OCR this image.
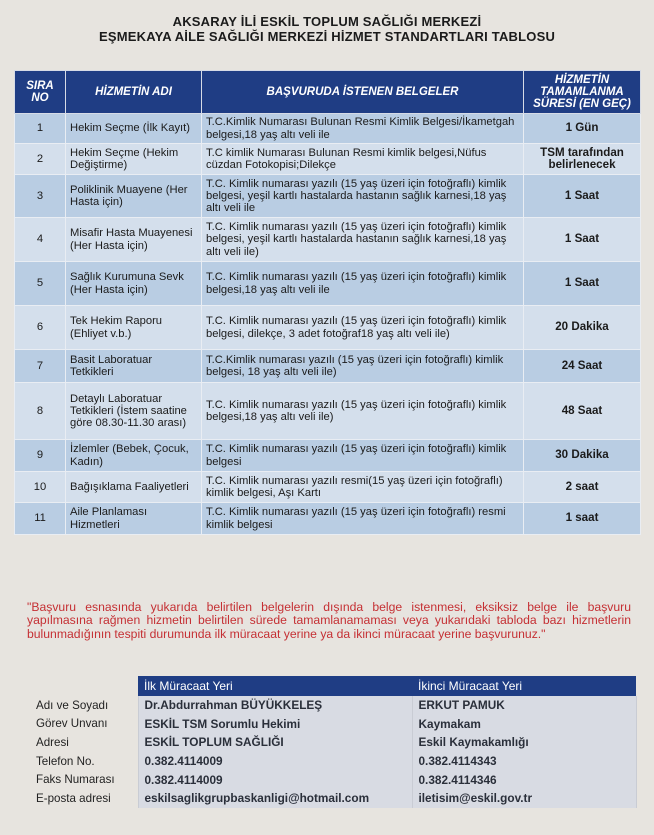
AKSARAY İLİ ESKİL TOPLUM SAĞLIĞI MERKEZİ
EŞMEKAYA AİLE SAĞLIĞI MERKEZİ HİZMET STANDARTLARI TABLOSU
SIRA NO	HİZMETİN ADI	BAŞVURUDA İSTENEN BELGELER	HİZMETİN TAMAMLANMA SÜRESİ (EN GEÇ)
1	Hekim Seçme (İlk Kayıt)	T.C.Kimlik Numarası Bulunan Resmi Kimlik Belgesi/İkametgah belgesi,18 yaş altı veli ile	1 Gün
2	Hekim Seçme (Hekim Değiştirme)	T.C kimlik Numarası Bulunan Resmi kimlik belgesi,Nüfus cüzdan Fotokopisi;Dilekçe	TSM tarafından belirlenecek
3	Poliklinik Muayene (Her Hasta için)	T.C. Kimlik numarası yazılı (15 yaş üzeri için fotoğraflı) kimlik belgesi, yeşil kartlı hastalarda hastanın sağlık karnesi,18 yaş altı veli ile	1 Saat
4	Misafir Hasta Muayenesi (Her Hasta için)	T.C. Kimlik numarası yazılı (15 yaş üzeri için fotoğraflı) kimlik belgesi, yeşil kartlı hastalarda hastanın sağlık karnesi,18 yaş altı veli ile)	1 Saat
5	Sağlık Kurumuna Sevk (Her Hasta için)	T.C. Kimlik numarası yazılı (15 yaş üzeri için fotoğraflı) kimlik belgesi,18 yaş altı veli ile	1 Saat
6	Tek Hekim Raporu (Ehliyet v.b.)	T.C. Kimlik numarası yazılı (15 yaş üzeri için fotoğraflı) kimlik belgesi, dilekçe, 3 adet fotoğraf18 yaş altı veli ile)	20 Dakika
7	Basit Laboratuar Tetkikleri	T.C.Kimlik numarası yazılı (15 yaş üzeri için fotoğraflı) kimlik belgesi, 18 yaş altı veli ile)	24 Saat
8	Detaylı Laboratuar Tetkikleri (İstem saatine göre 08.30-11.30 arası)	T.C. Kimlik numarası yazılı (15 yaş üzeri için fotoğraflı) kimlik belgesi,18 yaş altı veli ile)	48 Saat
9	İzlemler (Bebek, Çocuk, Kadın)	T.C. Kimlik numarası yazılı (15 yaş üzeri için fotoğraflı) kimlik belgesi	30 Dakika
10	Bağışıklama Faaliyetleri	T.C. Kimlik numarası yazılı resmi(15 yaş üzeri için fotoğraflı) kimlik belgesi, Aşı Kartı	2 saat
11	Aile Planlaması Hizmetleri	T.C. Kimlik numarası yazılı (15 yaş üzeri için fotoğraflı) resmi kimlik belgesi	1 saat
"Başvuru esnasında yukarıda belirtilen belgelerin dışında belge istenmesi, eksiksiz belge ile başvuru yapılmasına rağmen hizmetin belirtilen sürede tamamlanamaması veya yukarıdaki tabloda bazı hizmetlerin bulunmadığının tespiti durumunda ilk müracaat yerine ya da ikinci müracaat yerine başvurunuz."
	İlk Müracaat Yeri	İkinci Müracaat Yeri
Adı ve Soyadı	Dr.Abdurrahman BÜYÜKKELEŞ	ERKUT PAMUK
Görev Unvanı	ESKİL TSM Sorumlu Hekimi	Kaymakam
Adresi	ESKİL TOPLUM SAĞLIĞI	Eskil Kaymakamlığı
Telefon No.	0.382.4114009	0.382.4114343
Faks Numarası	0.382.4114009	0.382.4114346
E-posta adresi	eskilsaglikgrupbaskanligi@hotmail.com	iletisim@eskil.gov.tr
